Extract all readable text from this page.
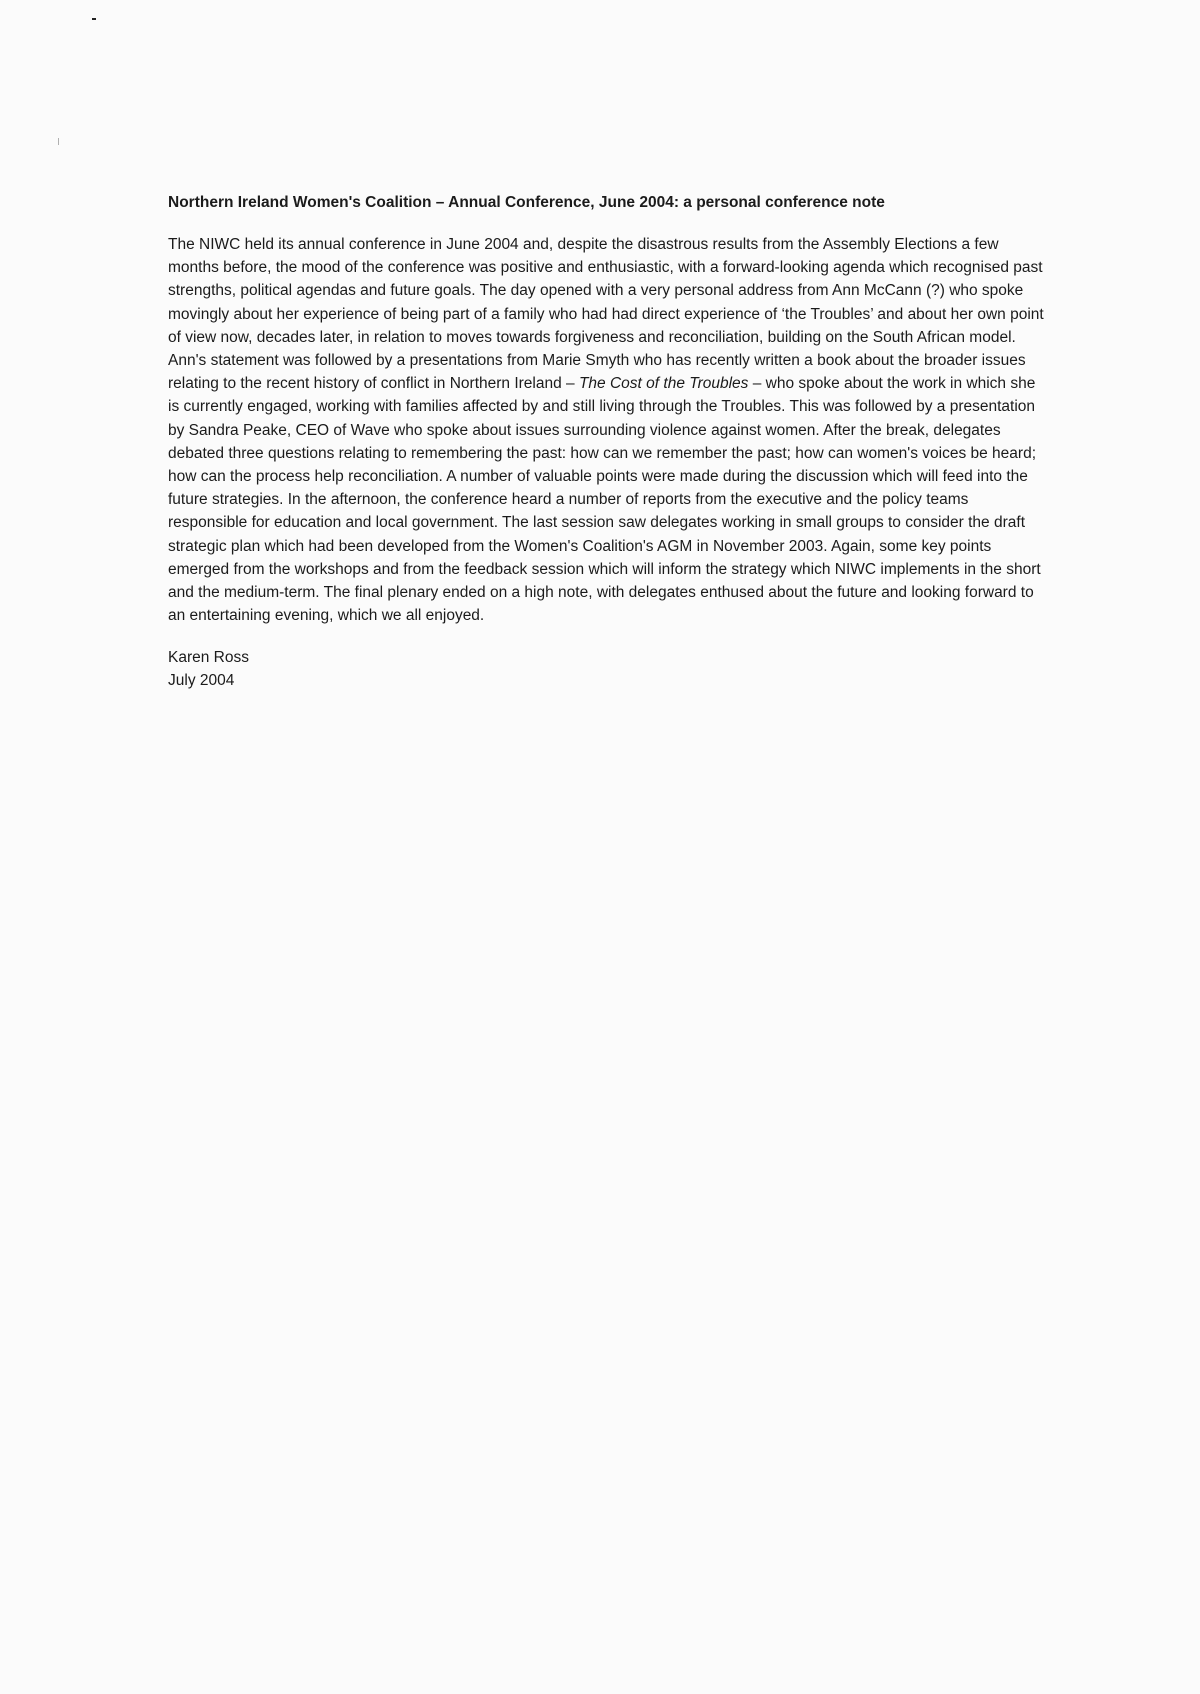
Northern Ireland Women's Coalition – Annual Conference, June 2004: a personal conference note

The NIWC held its annual conference in June 2004 and, despite the disastrous results from the Assembly Elections a few months before, the mood of the conference was positive and enthusiastic, with a forward-looking agenda which recognised past strengths, political agendas and future goals. The day opened with a very personal address from Ann McCann (?) who spoke movingly about her experience of being part of a family who had had direct experience of ‘the Troubles’ and about her own point of view now, decades later, in relation to moves towards forgiveness and reconciliation, building on the South African model. Ann's statement was followed by a presentations from Marie Smyth who has recently written a book about the broader issues relating to the recent history of conflict in Northern Ireland – The Cost of the Troubles – who spoke about the work in which she is currently engaged, working with families affected by and still living through the Troubles. This was followed by a presentation by Sandra Peake, CEO of Wave who spoke about issues surrounding violence against women. After the break, delegates debated three questions relating to remembering the past: how can we remember the past; how can women's voices be heard; how can the process help reconciliation. A number of valuable points were made during the discussion which will feed into the future strategies. In the afternoon, the conference heard a number of reports from the executive and the policy teams responsible for education and local government. The last session saw delegates working in small groups to consider the draft strategic plan which had been developed from the Women's Coalition's AGM in November 2003. Again, some key points emerged from the workshops and from the feedback session which will inform the strategy which NIWC implements in the short and the medium-term. The final plenary ended on a high note, with delegates enthused about the future and looking forward to an entertaining evening, which we all enjoyed.

Karen Ross
July 2004
